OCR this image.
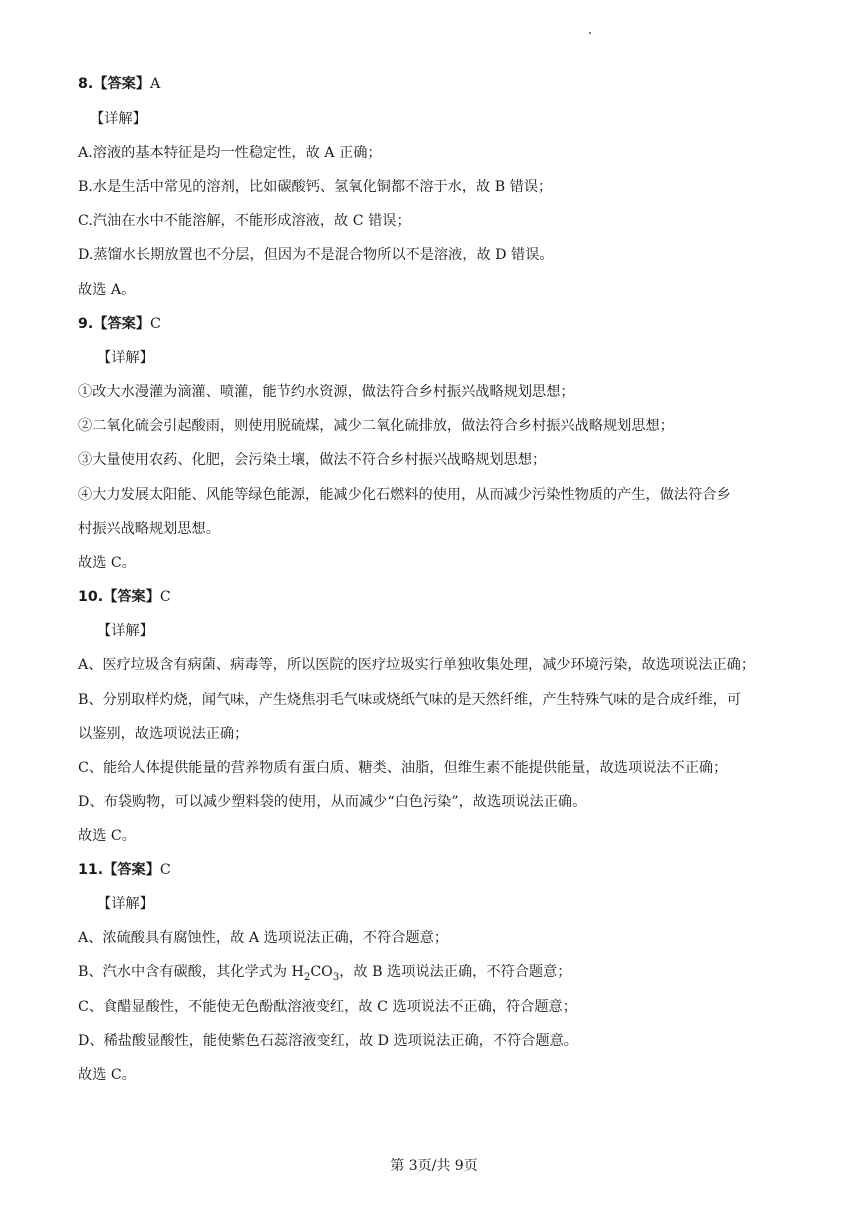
8.【答案】A
【详解】
A.溶液的基本特征是均一性稳定性，故 A 正确；
B.水是生活中常见的溶剂，比如碳酸钙、氢氧化铜都不溶于水，故 B 错误；
C.汽油在水中不能溶解，不能形成溶液，故 C 错误；
D.蒸馏水长期放置也不分层，但因为不是混合物所以不是溶液，故 D 错误。
故选 A。
9.【答案】C
【详解】
①改大水漫灌为滴灌、喷灌，能节约水资源，做法符合乡村振兴战略规划思想；
②二氧化硫会引起酸雨，则使用脱硫煤，减少二氧化硫排放，做法符合乡村振兴战略规划思想；
③大量使用农药、化肥，会污染土壤，做法不符合乡村振兴战略规划思想；
④大力发展太阳能、风能等绿色能源，能减少化石燃料的使用，从而减少污染性物质的产生，做法符合乡
村振兴战略规划思想。
故选 C。
10.【答案】C
【详解】
A、医疗垃圾含有病菌、病毒等，所以医院的医疗垃圾实行单独收集处理，减少环境污染，故选项说法正确；
B、分别取样灼烧，闻气味，产生烧焦羽毛气味或烧纸气味的是天然纤维，产生特殊气味的是合成纤维，可
以鉴别，故选项说法正确；
C、能给人体提供能量的营养物质有蛋白质、糖类、油脂，但维生素不能提供能量，故选项说法不正确；
D、布袋购物，可以减少塑料袋的使用，从而减少“白色污染”，故选项说法正确。
故选 C。
11.【答案】C
【详解】
A、浓硫酸具有腐蚀性，故 A 选项说法正确，不符合题意；
B、汽水中含有碳酸，其化学式为 $H_2CO_3$，故 B 选项说法正确，不符合题意；
C、食醋显酸性，不能使无色酚酞溶液变红，故 C 选项说法不正确，符合题意；
D、稀盐酸显酸性，能使紫色石蕊溶液变红，故 D 选项说法正确，不符合题意。
故选 C。
第 3页/共 9页
